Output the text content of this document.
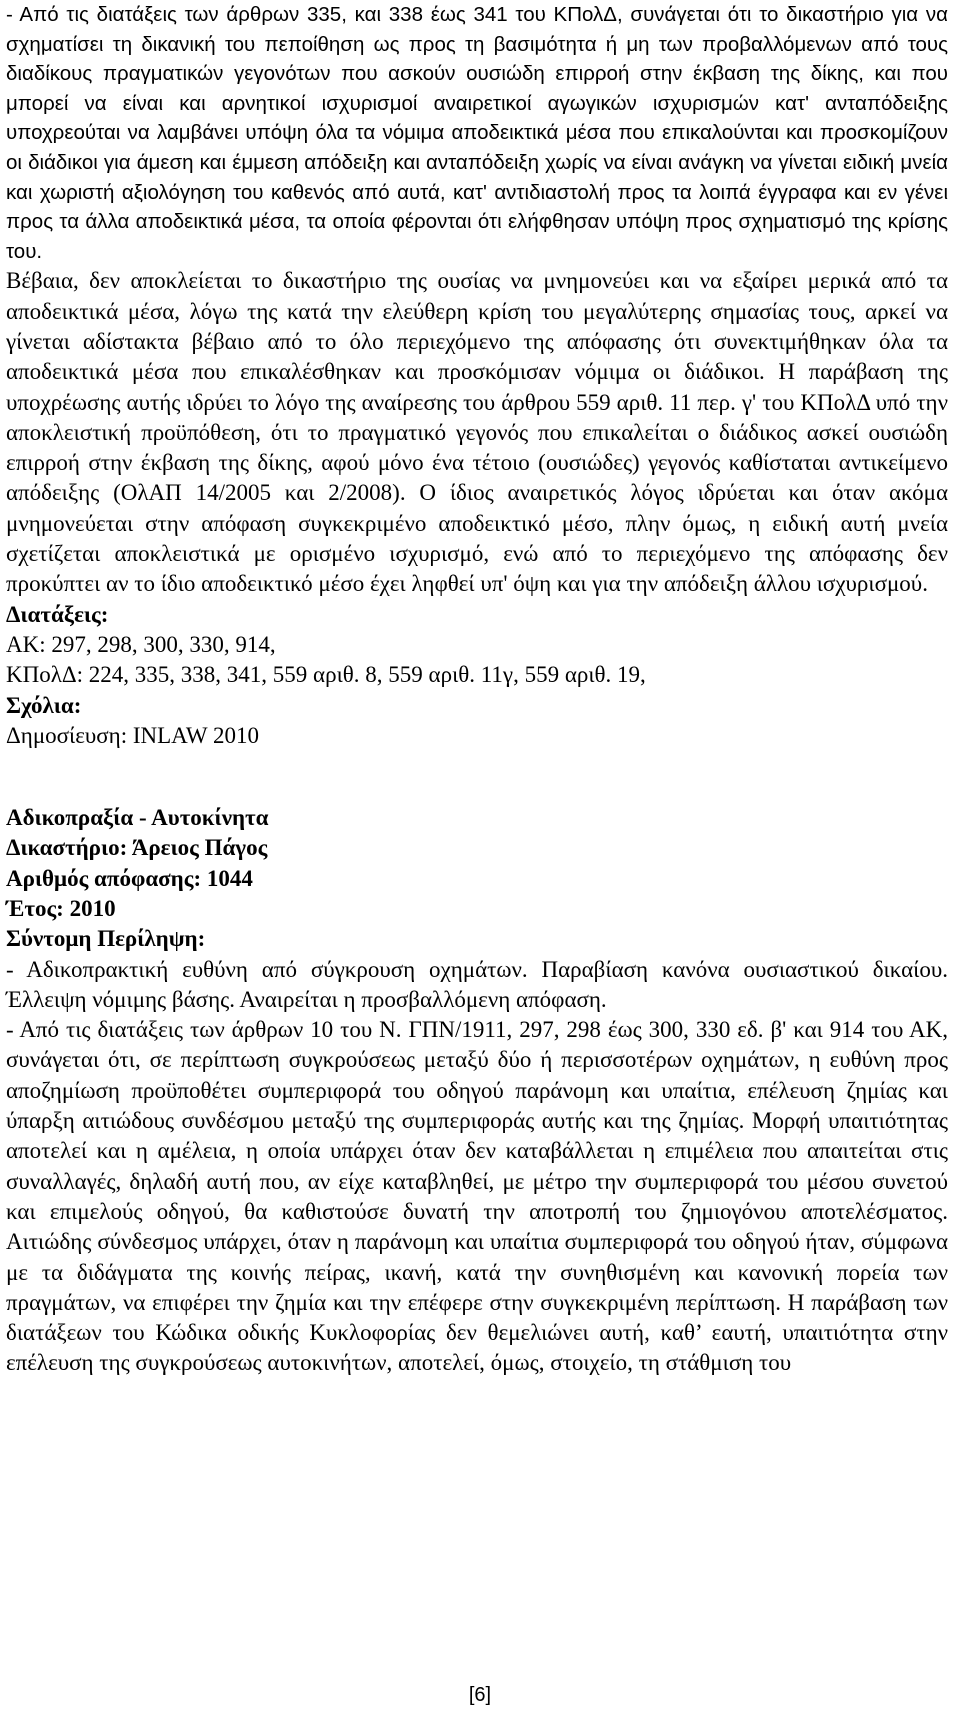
- Από τις διατάξεις των άρθρων 335, και 338 έως 341 του ΚΠολΔ, συνάγεται ότι το δικαστήριο για να σχηματίσει τη δικανική του πεποίθηση ως προς τη βασιμότητα ή μη των προβαλλόμενων από τους διαδίκους πραγματικών γεγονότων που ασκούν ουσιώδη επιρροή στην έκβαση της δίκης, και που μπορεί να είναι και αρνητικοί ισχυρισμοί αναιρετικοί αγωγικών ισχυρισμών κατ' ανταπόδειξης υποχρεούται να λαμβάνει υπόψη όλα τα νόμιμα αποδεικτικά μέσα που επικαλούνται και προσκομίζουν οι διάδικοι για άμεση και έμμεση απόδειξη και ανταπόδειξη χωρίς να είναι ανάγκη να γίνεται ειδική μνεία και χωριστή αξιολόγηση του καθενός από αυτά, κατ' αντιδιαστολή προς τα λοιπά έγγραφα και εν γένει προς τα άλλα αποδεικτικά μέσα, τα οποία φέρονται ότι ελήφθησαν υπόψη προς σχηματισμό της κρίσης του.

Βέβαια, δεν αποκλείεται το δικαστήριο της ουσίας να μνημονεύει και να εξαίρει μερικά από τα αποδεικτικά μέσα, λόγω της κατά την ελεύθερη κρίση του μεγαλύτερης σημασίας τους, αρκεί να γίνεται αδίστακτα βέβαιο από το όλο περιεχόμενο της απόφασης ότι συνεκτιμήθηκαν όλα τα αποδεικτικά μέσα που επικαλέσθηκαν και προσκόμισαν νόμιμα οι διάδικοι. Η παράβαση της υποχρέωσης αυτής ιδρύει το λόγο της αναίρεσης του άρθρου 559 αριθ. 11 περ. γ' του ΚΠολΔ υπό την αποκλειστική προϋπόθεση, ότι το πραγματικό γεγονός που επικαλείται ο διάδικος ασκεί ουσιώδη επιρροή στην έκβαση της δίκης, αφού μόνο ένα τέτοιο (ουσιώδες) γεγονός καθίσταται αντικείμενο απόδειξης (ΟλΑΠ 14/2005 και 2/2008). Ο ίδιος αναιρετικός λόγος ιδρύεται και όταν ακόμα μνημονεύεται στην απόφαση συγκεκριμένο αποδεικτικό μέσο, πλην όμως, η ειδική αυτή μνεία σχετίζεται αποκλειστικά με ορισμένο ισχυρισμό, ενώ από το περιεχόμενο της απόφασης δεν προκύπτει αν το ίδιο αποδεικτικό μέσο έχει ληφθεί υπ' όψη και για την απόδειξη άλλου ισχυρισμού.

Διατάξεις:

ΑΚ: 297, 298, 300, 330, 914,

ΚΠολΔ: 224, 335, 338, 341, 559 αριθ. 8, 559 αριθ. 11γ, 559 αριθ. 19,

Σχόλια:

Δημοσίευση: INLAW 2010

Αδικοπραξία - Αυτοκίνητα

Δικαστήριο: Άρειος Πάγος

Αριθμός απόφασης: 1044

Έτος: 2010

Σύντομη Περίληψη:

- Αδικοπρακτική ευθύνη από σύγκρουση οχημάτων. Παραβίαση κανόνα ουσιαστικού δικαίου. Έλλειψη νόμιμης βάσης. Αναιρείται η προσβαλλόμενη απόφαση.

- Από τις διατάξεις των άρθρων 10 του Ν. ΓΠΝ/1911, 297, 298 έως 300, 330 εδ. β' και 914 του ΑΚ, συνάγεται ότι, σε περίπτωση συγκρούσεως μεταξύ δύο ή περισσοτέρων οχημάτων, η ευθύνη προς αποζημίωση προϋποθέτει συμπεριφορά του οδηγού παράνομη και υπαίτια, επέλευση ζημίας και ύπαρξη αιτιώδους συνδέσμου μεταξύ της συμπεριφοράς αυτής και της ζημίας. Μορφή υπαιτιότητας αποτελεί και η αμέλεια, η οποία υπάρχει όταν δεν καταβάλλεται η επιμέλεια που απαιτείται στις συναλλαγές, δηλαδή αυτή που, αν είχε καταβληθεί, με μέτρο την συμπεριφορά του μέσου συνετού και επιμελούς οδηγού, θα καθιστούσε δυνατή την αποτροπή του ζημιογόνου αποτελέσματος. Αιτιώδης σύνδεσμος υπάρχει, όταν η παράνομη και υπαίτια συμπεριφορά του οδηγού ήταν, σύμφωνα με τα διδάγματα της κοινής πείρας, ικανή, κατά την συνηθισμένη και κανονική πορεία των πραγμάτων, να επιφέρει την ζημία και την επέφερε στην συγκεκριμένη περίπτωση. Η παράβαση των διατάξεων του Κώδικα οδικής Κυκλοφορίας δεν θεμελιώνει αυτή, καθ’ εαυτή, υπαιτιότητα στην επέλευση της συγκρούσεως αυτοκινήτων, αποτελεί, όμως, στοιχείο, τη στάθμιση του

[6]
